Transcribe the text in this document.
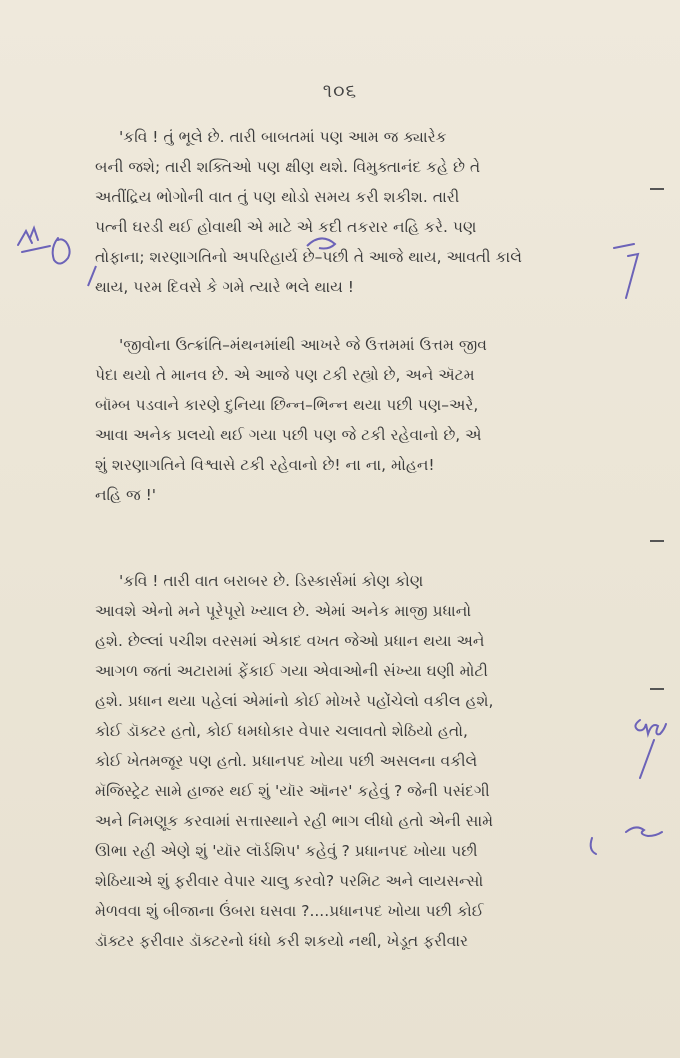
૧૦૬
'કવિ ! તું ભૂલે છે. તારી બાબતમાં પણ આમ જ ક્યારેક
બની જશે; તારી શક્તિઓ પણ ક્ષીણ થશે. વિમુક્તાનંદ કહે છે તે
અતીંદ્રિય ભોગોની વાત તું પણ થોડો સમય કરી શકીશ. તારી
પત્ની ઘરડી થઈ હોવાથી એ માટે એ કદી તકરાર નહિ કરે. પણ
તોફાના; શરણાગતિનો અપરિહાર્ય છે–પછી તે આજે થાય, આવતી કાલે
થાય, પરમ દિવસે કે ગમે ત્યારે ભલે થાય !
'જીવોના ઉત્ક્રાંતિ–મંથનમાંથી આખરે જે ઉત્તમમાં ઉત્તમ જીવ
પેદા થયો તે માનવ છે. એ આજે પણ ટકી રહ્યો છે, અને ઍટમ
બૉમ્બ પડવાને કારણે દુનિયા છિન્ન–ભિન્ન થયા પછી પણ–અરે,
આવા અનેક પ્રલયો થઈ ગયા પછી પણ જે ટકી રહેવાનો છે, એ
શું શરણાગતિને વિશ્વાસે ટકી રહેવાનો છે! ના ના, મોહન!
નહિ જ !'
'કવિ ! તારી વાત બરાબર છે. ડિસ્કાર્સમાં કોણ કોણ
આવશે એનો મને પૂરેપૂરો ખ્યાલ છે. એમાં અનેક માજી પ્રધાનો
હશે. છેલ્લાં પચીશ વરસમાં એકાદ વખત જેઓ પ્રધાન થયા અને
આગળ જતાં અટારામાં ફેંકાઈ ગયા એવાઓની સંખ્યા ઘણી મોટી
હશે. પ્રધાન થયા પહેલાં એમાંનો કોઈ મોખરે પહોંચેલો વકીલ હશે,
કોઈ ડૉક્ટર હતો, કોઈ ધમધોકાર વેપાર ચલાવતો શેઠિયો હતો,
કોઈ ખેતમજૂર પણ હતો. પ્રધાનપદ ખોયા પછી અસલના વકીલે
મૅજિસ્ટ્રેટ સામે હાજર થઈ શું 'યૉર ઑનર' કહેવું ? જેની પસંદગી
અને નિમણૂક કરવામાં સત્તાસ્થાને રહી ભાગ લીધો હતો એની સામે
ઊભા રહી એણે શું 'યૉર લૉર્ડશિપ' કહેવું ? પ્રધાનપદ ખોયા પછી
શેઠિયાએ શું ફરીવાર વેપાર ચાલુ કરવો? પરમિટ અને લાયસન્સો
મેળવવા શું બીજાના ઉંબરા ઘસવા ?....પ્રધાનપદ ખોયા પછી કોઈ
ડૉક્ટર ફરીવાર ડૉક્ટરનો ધંધો કરી શકયો નથી, ખેડૂત ફરીવાર
